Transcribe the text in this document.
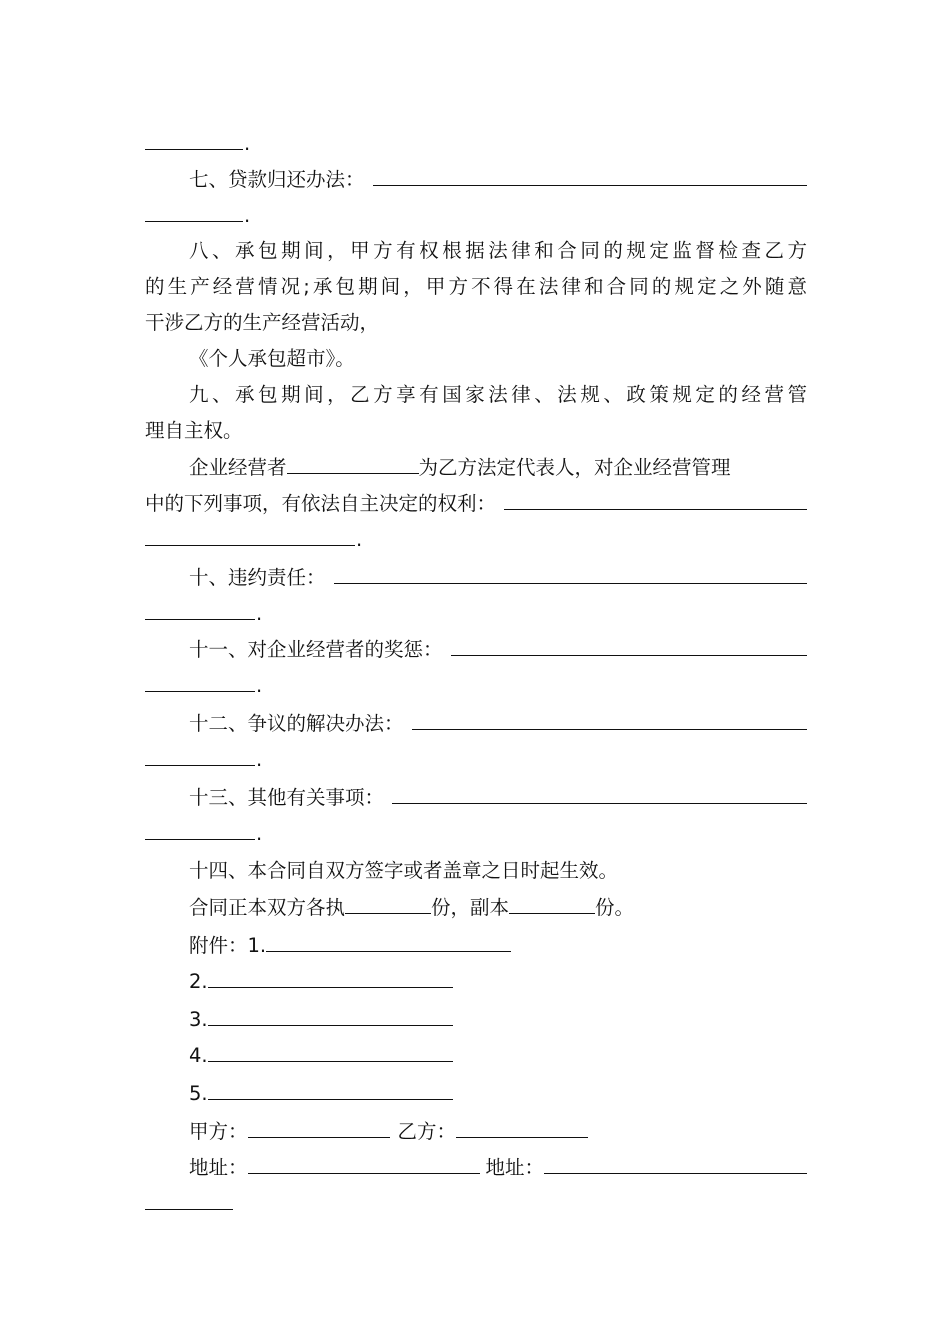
.
七、贷款归还办法：
.
八、承包期间，甲方有权根据法律和合同的规定监督检查乙方
的生产经营情况;承包期间，甲方不得在法律和合同的规定之外随意
干涉乙方的生产经营活动，
《个人承包超市》。
九、承包期间，乙方享有国家法律、法规、政策规定的经营管
理自主权。
企业经营者	为乙方法定代表人，对企业经营管理
中的下列事项，有依法自主决定的权利：
.
十、违约责任：
.
十一、对企业经营者的奖惩：
.
十二、争议的解决办法：
.
十三、其他有关事项：
.
十四、本合同自双方签字或者盖章之日时起生效。
合同正本双方各执	份，副本	份。
附件：1.
2.
3.
4.
5.
甲方：	乙方：
地址：	地址：
